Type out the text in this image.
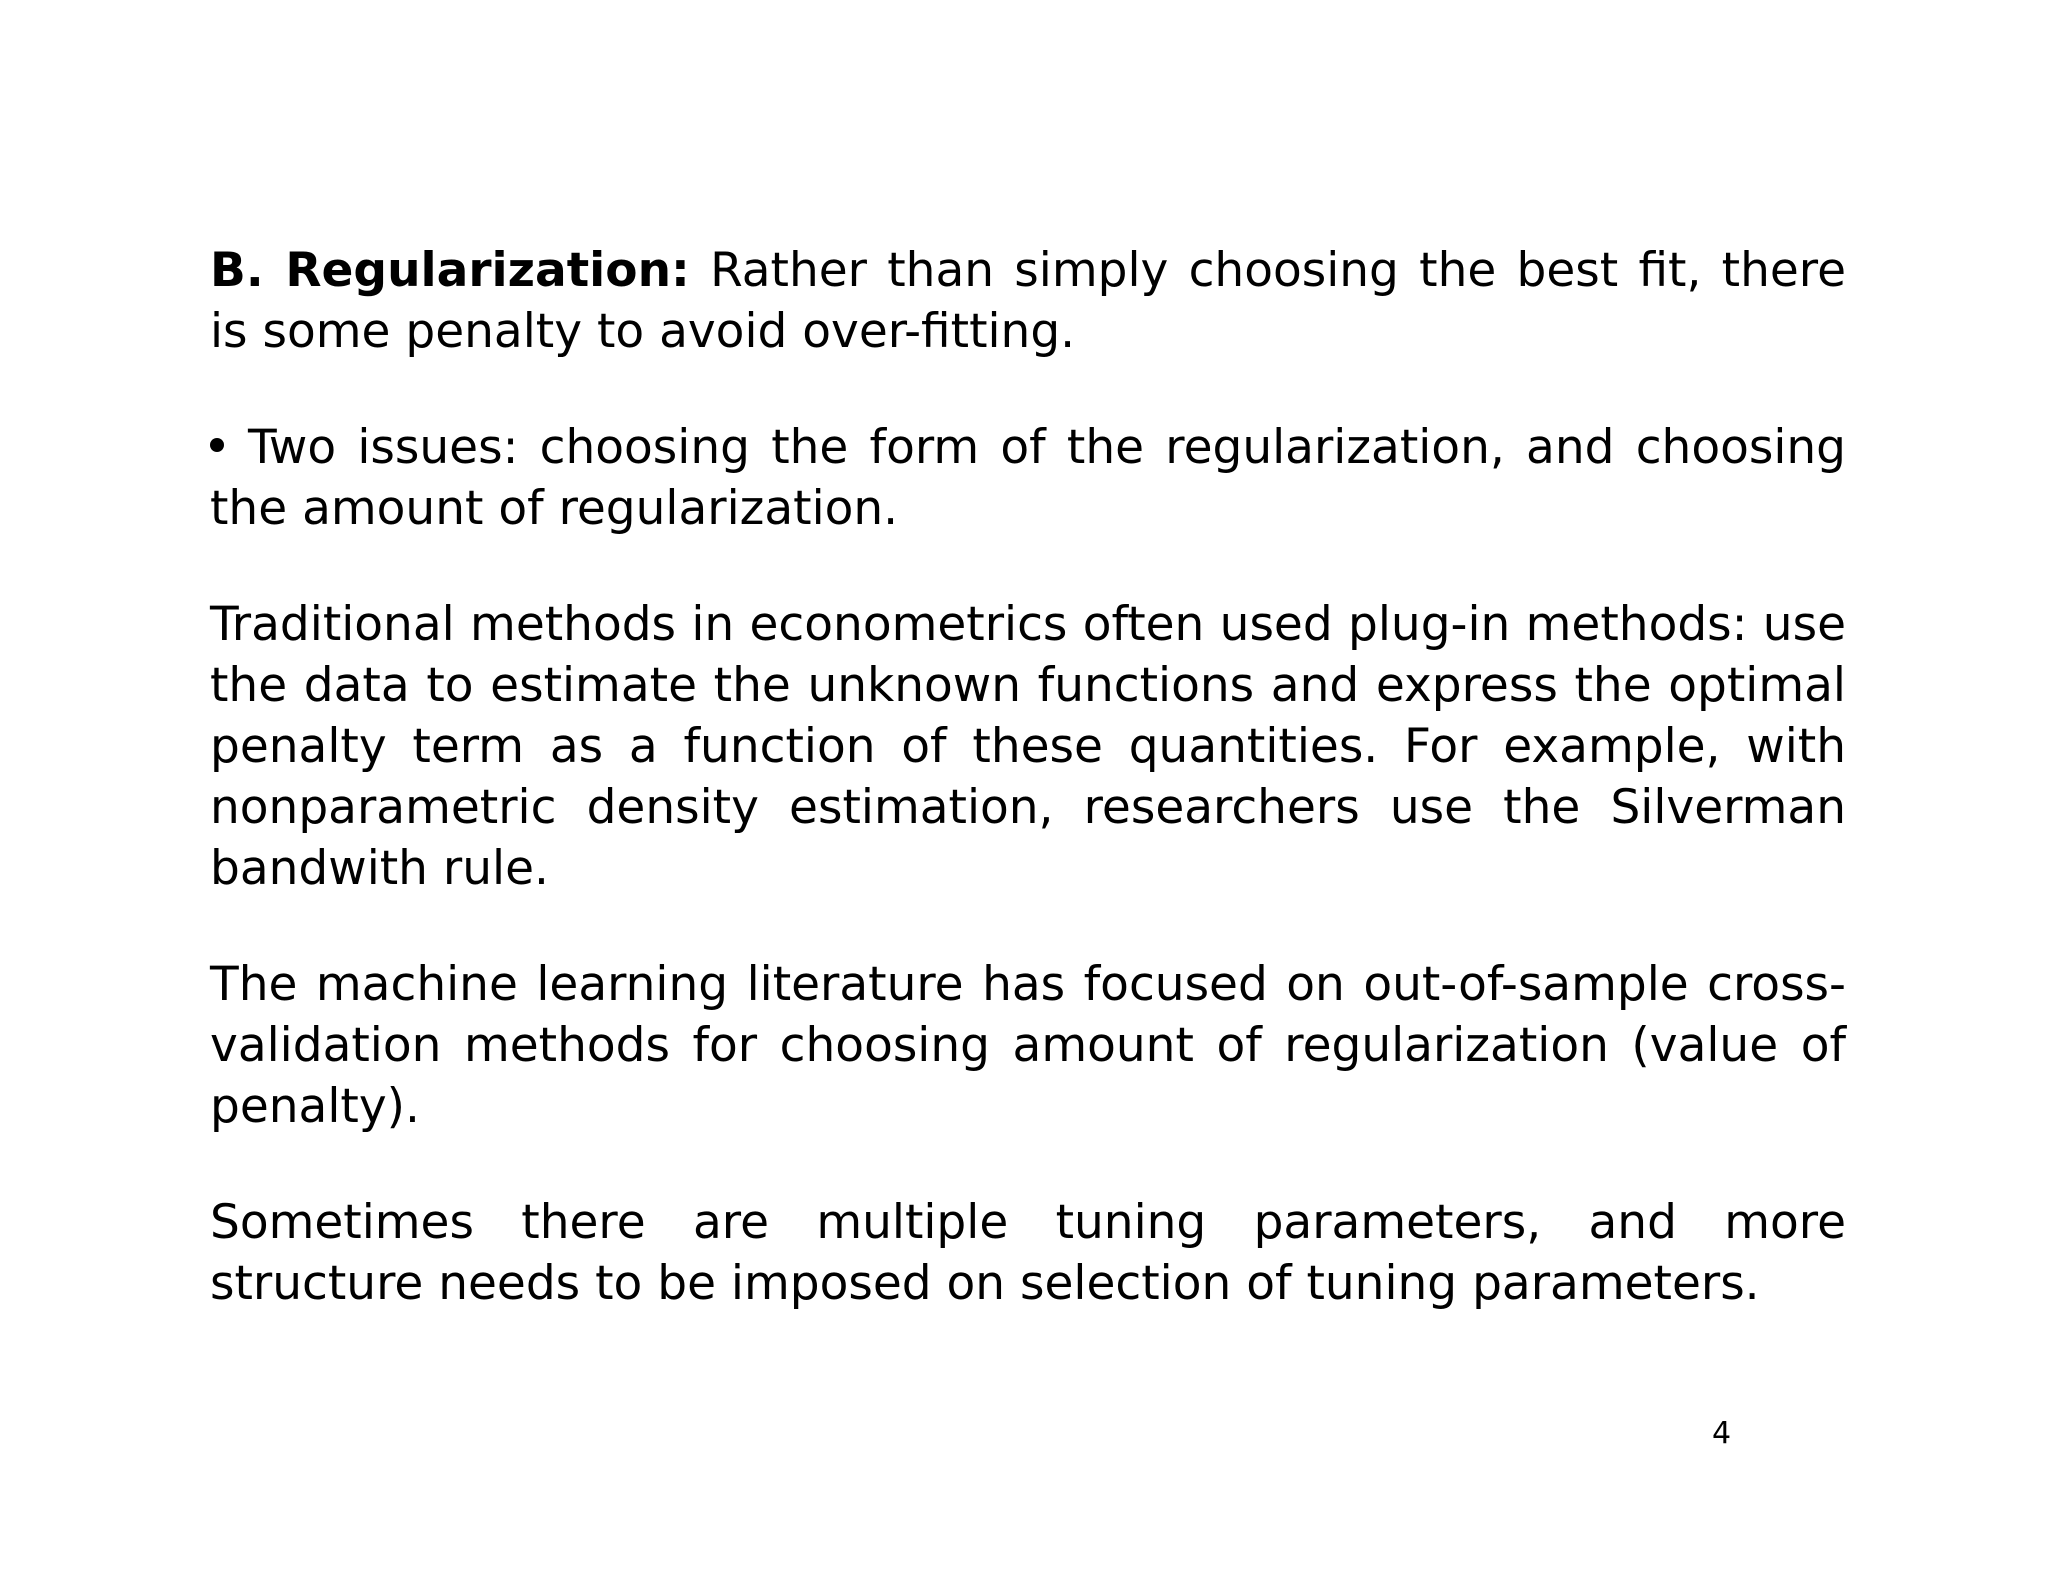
B. Regularization: Rather than simply choosing the best fit, there is some penalty to avoid over-fitting.

Two issues: choosing the form of the regularization, and choosing the amount of regularization.

Traditional methods in econometrics often used plug-in methods: use the data to estimate the unknown functions and express the optimal penalty term as a function of these quantities. For example, with nonparametric density estimation, researchers use the Silverman bandwith rule.

The machine learning literature has focused on out-of-sample cross-validation methods for choosing amount of regularization (value of penalty).

Sometimes there are multiple tuning parameters, and more structure needs to be imposed on selection of tuning parameters.

4
